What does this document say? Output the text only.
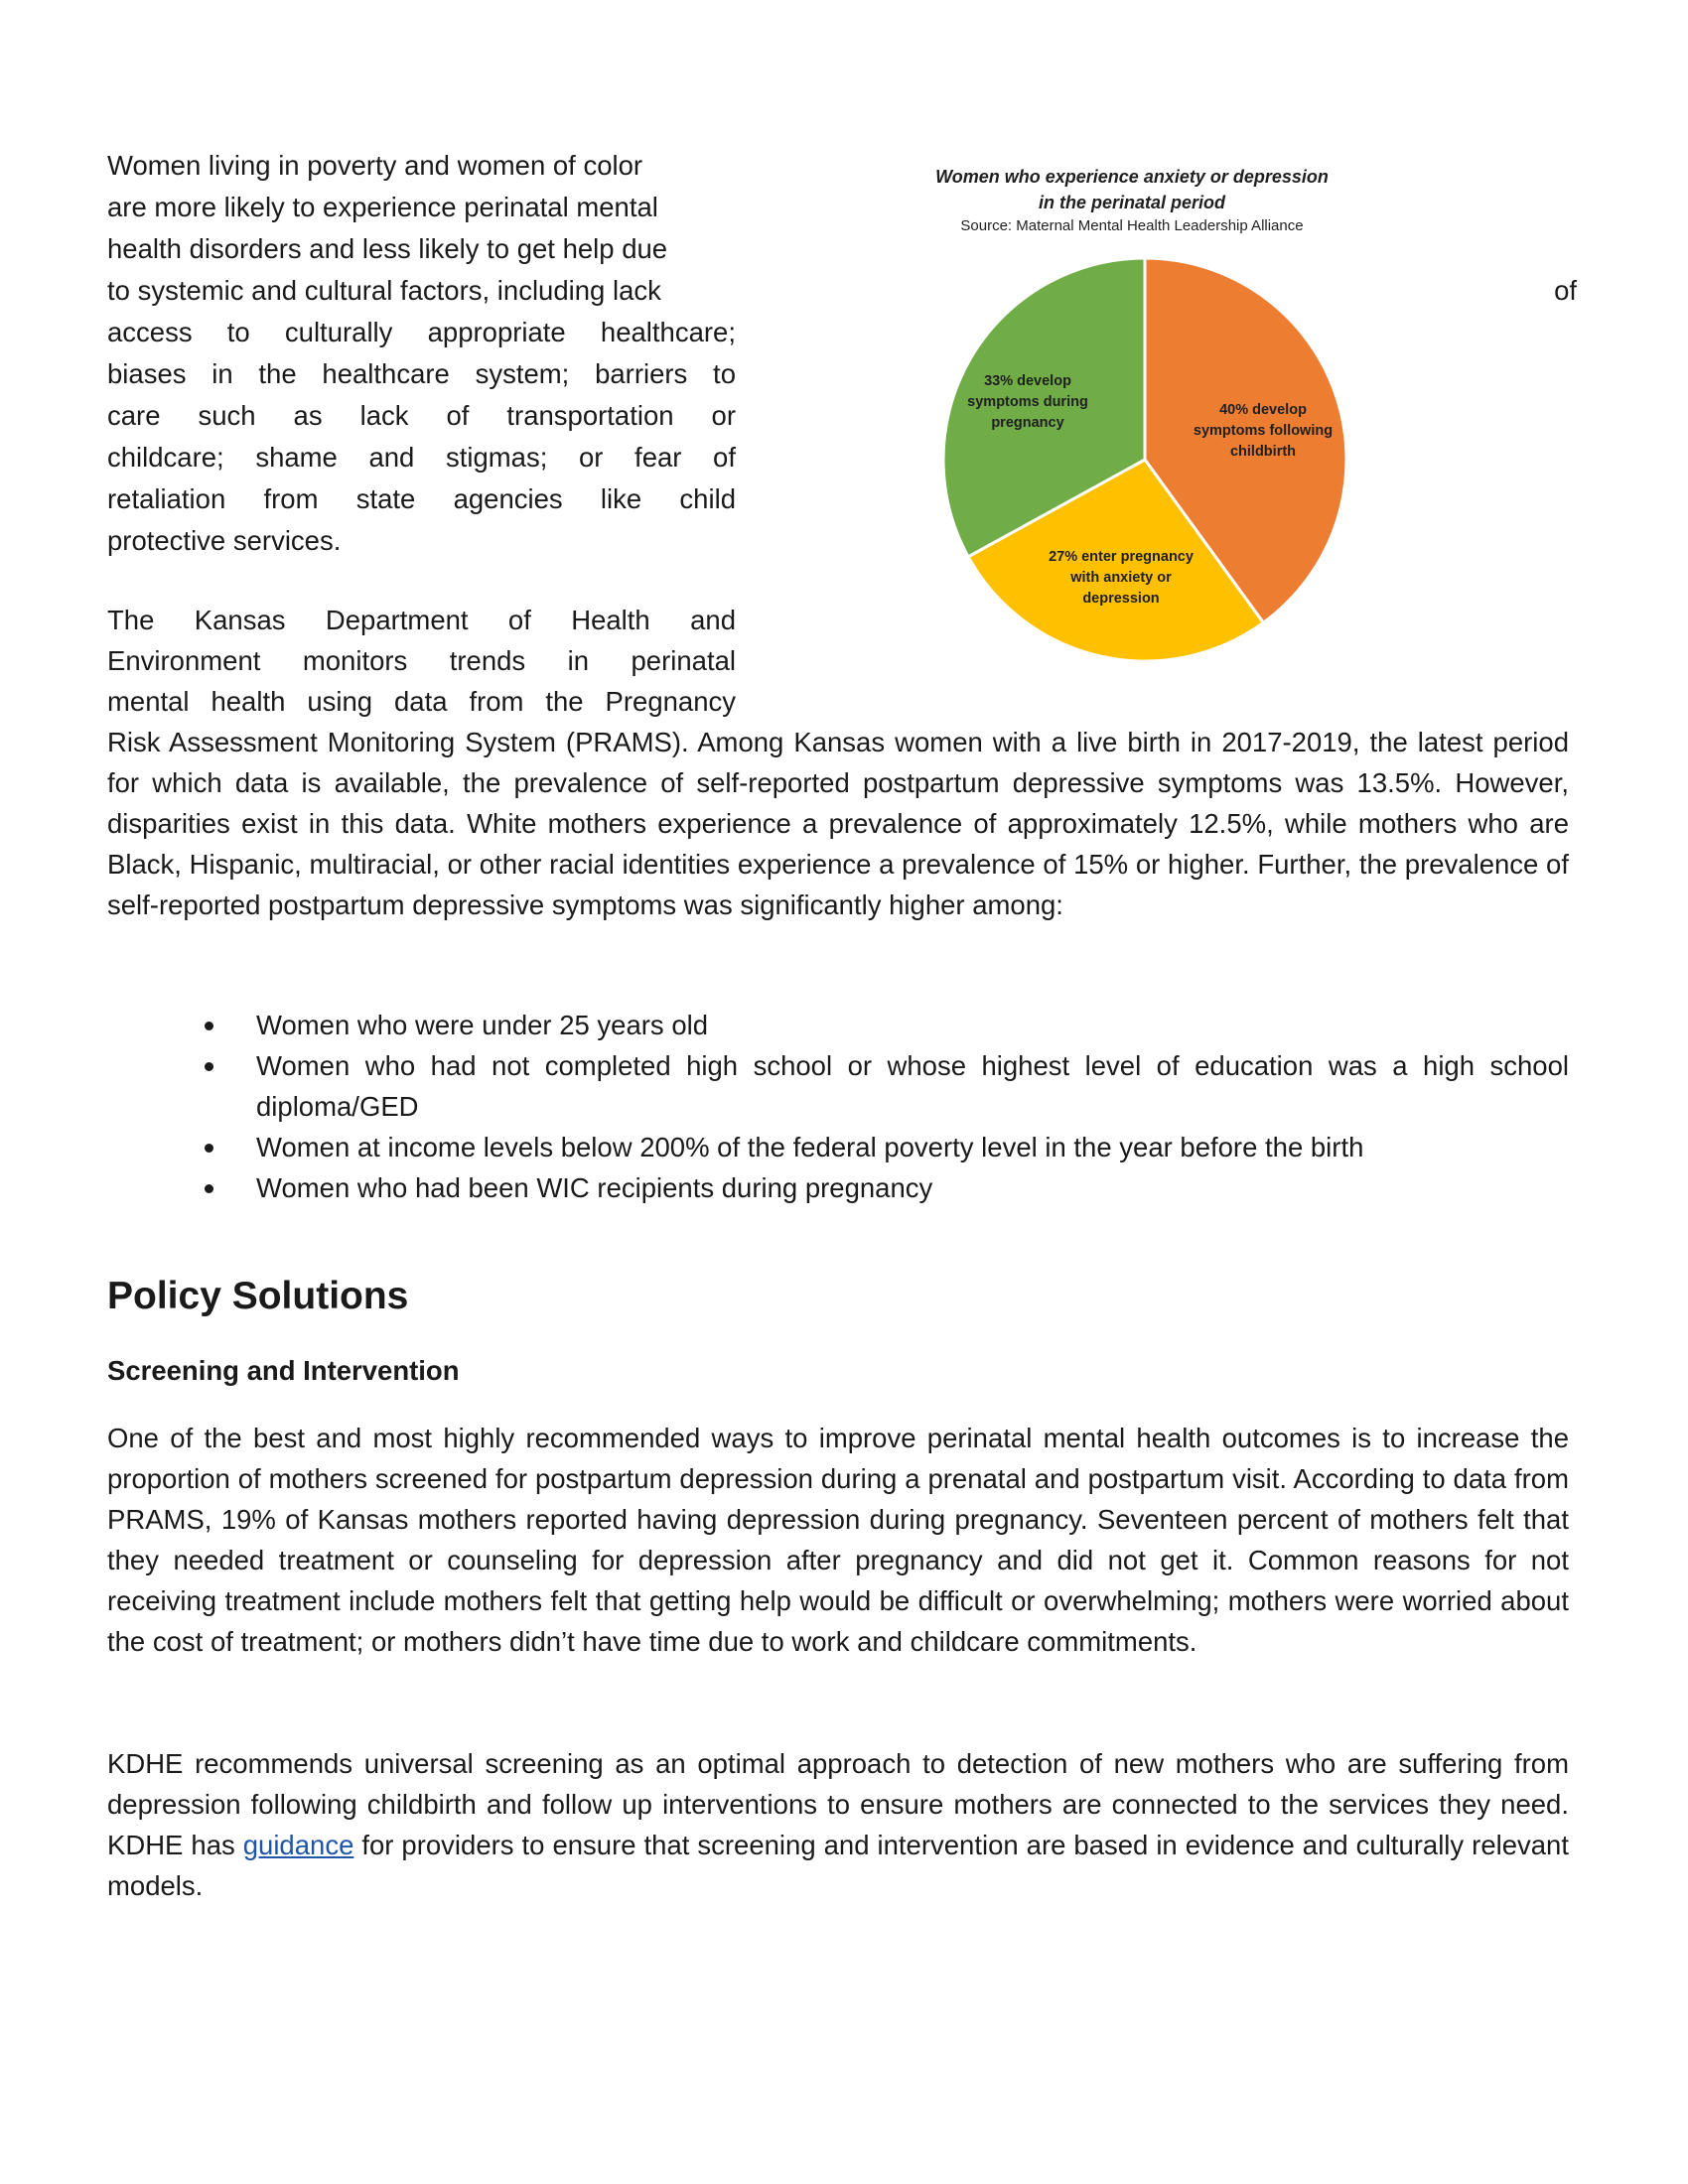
Women living in poverty and women of color
are more likely to experience perinatal mental
health disorders and less likely to get help due
to systemic and cultural factors, including lack
access to culturally appropriate healthcare;
biases in the healthcare system; barriers to
care such as lack of transportation or
childcare; shame and stigmas; or fear of
retaliation from state agencies like child
protective services.
of
Women who experience anxiety or depression
in the perinatal period
Source: Maternal Mental Health Leadership Alliance
40% develop symptoms following childbirth
27% enter pregnancy with anxiety or depression
33% develop symptoms during pregnancy
The Kansas Department of Health and
Environment monitors trends in perinatal
mental health using data from the Pregnancy

Risk Assessment Monitoring System (PRAMS). Among Kansas women with a live birth in 2017-2019, the latest period for which data is available, the prevalence of self-reported postpartum depressive symptoms was 13.5%. However, disparities exist in this data. White mothers experience a prevalence of approximately 12.5%, while mothers who are Black, Hispanic, multiracial, or other racial identities experience a prevalence of 15% or higher. Further, the prevalence of self-reported postpartum depressive symptoms was significantly higher among:

Women who were under 25 years old
Women who had not completed high school or whose highest level of education was a high school diploma/GED
Women at income levels below 200% of the federal poverty level in the year before the birth
Women who had been WIC recipients during pregnancy
Policy Solutions
Screening and Intervention

One of the best and most highly recommended ways to improve perinatal mental health outcomes is to increase the proportion of mothers screened for postpartum depression during a prenatal and postpartum visit. According to data from PRAMS, 19% of Kansas mothers reported having depression during pregnancy. Seventeen percent of mothers felt that they needed treatment or counseling for depression after pregnancy and did not get it. Common reasons for not receiving treatment include mothers felt that getting help would be difficult or overwhelming; mothers were worried about the cost of treatment; or mothers didn’t have time due to work and childcare commitments.

KDHE recommends universal screening as an optimal approach to detection of new mothers who are suffering from depression following childbirth and follow up interventions to ensure mothers are connected to the services they need. KDHE has guidance for providers to ensure that screening and intervention are based in evidence and culturally relevant models.
